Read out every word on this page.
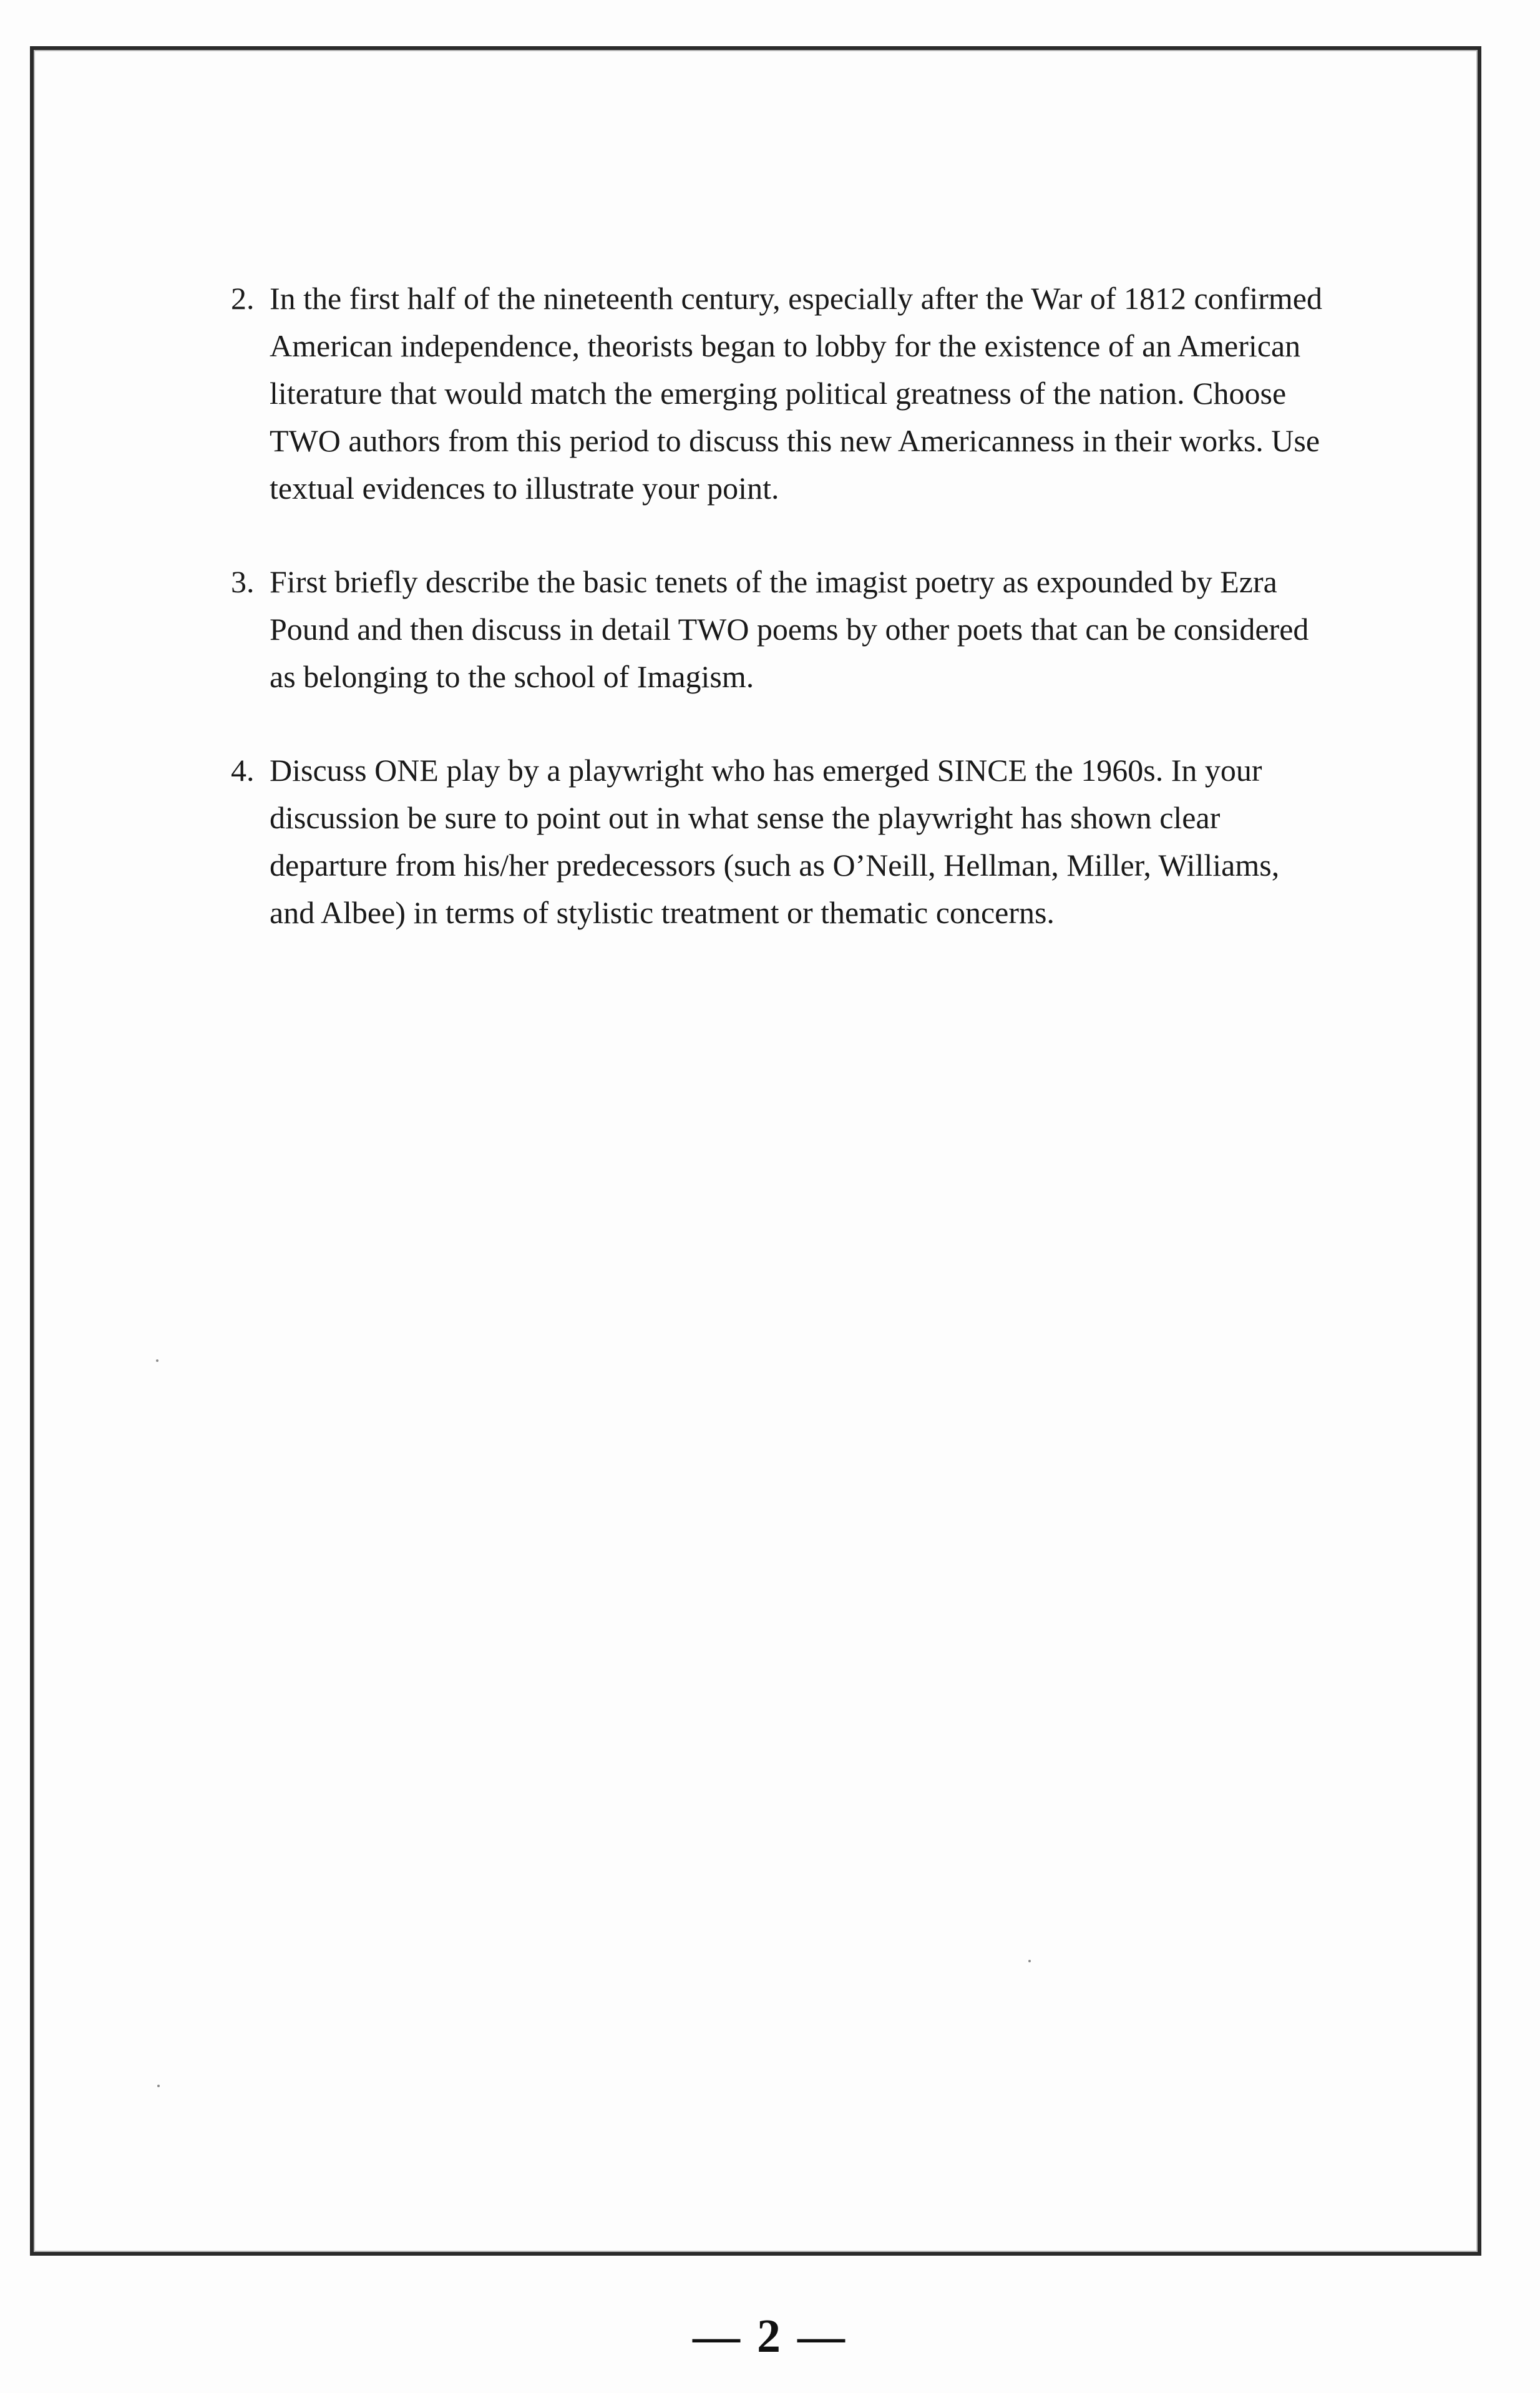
2. In the first half of the nineteenth century, especially after the War of 1812 confirmed American independence, theorists began to lobby for the existence of an American literature that would match the emerging political greatness of the nation. Choose TWO authors from this period to discuss this new Americanness in their works. Use textual evidences to illustrate your point.
3. First briefly describe the basic tenets of the imagist poetry as expounded by Ezra Pound and then discuss in detail TWO poems by other poets that can be considered as belonging to the school of Imagism.
4. Discuss ONE play by a playwright who has emerged SINCE the 1960s. In your discussion be sure to point out in what sense the playwright has shown clear departure from his/her predecessors (such as O’Neill, Hellman, Miller, Williams, and Albee) in terms of stylistic treatment or thematic concerns.
— 2 —
